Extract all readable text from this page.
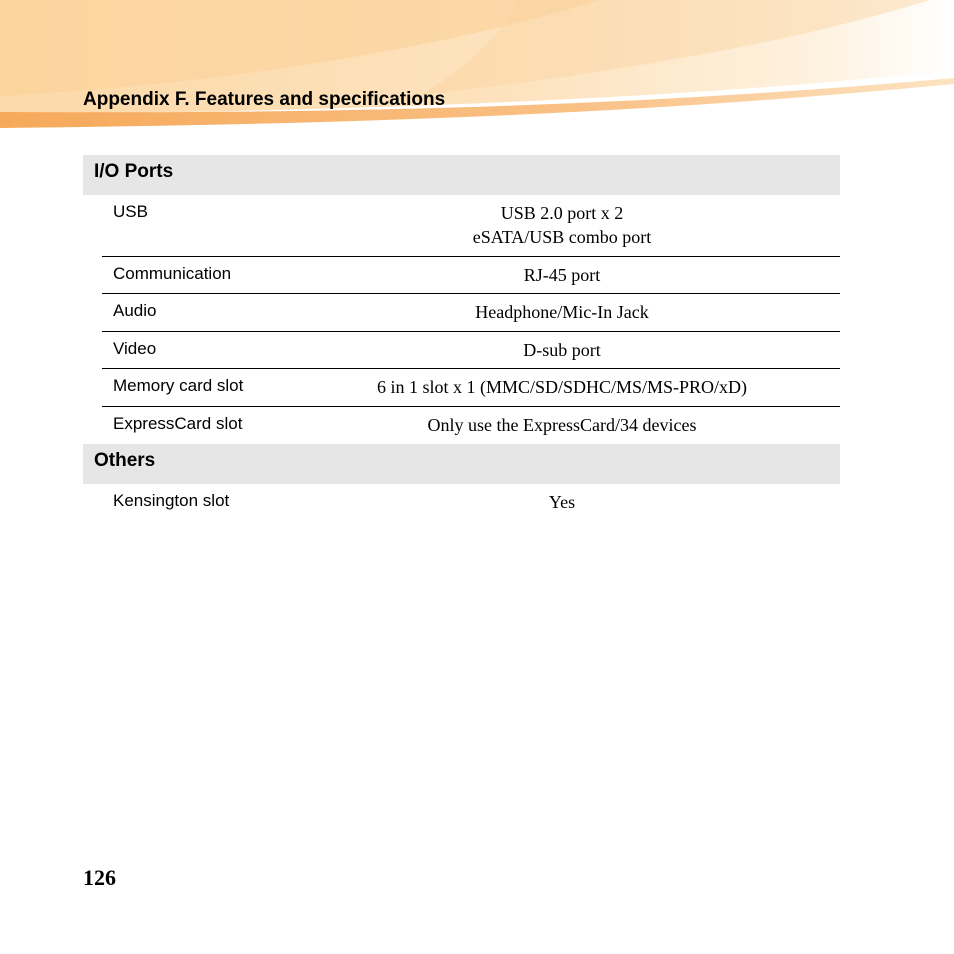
Appendix F. Features and specifications
I/O Ports
USB	USB 2.0 port x 2
eSATA/USB combo port
Communication	RJ-45 port
Audio	Headphone/Mic-In Jack
Video	D-sub port
Memory card slot	6 in 1 slot x 1 (MMC/SD/SDHC/MS/MS-PRO/xD)
ExpressCard slot	Only use the ExpressCard/34 devices
Others
Kensington slot	Yes
126
